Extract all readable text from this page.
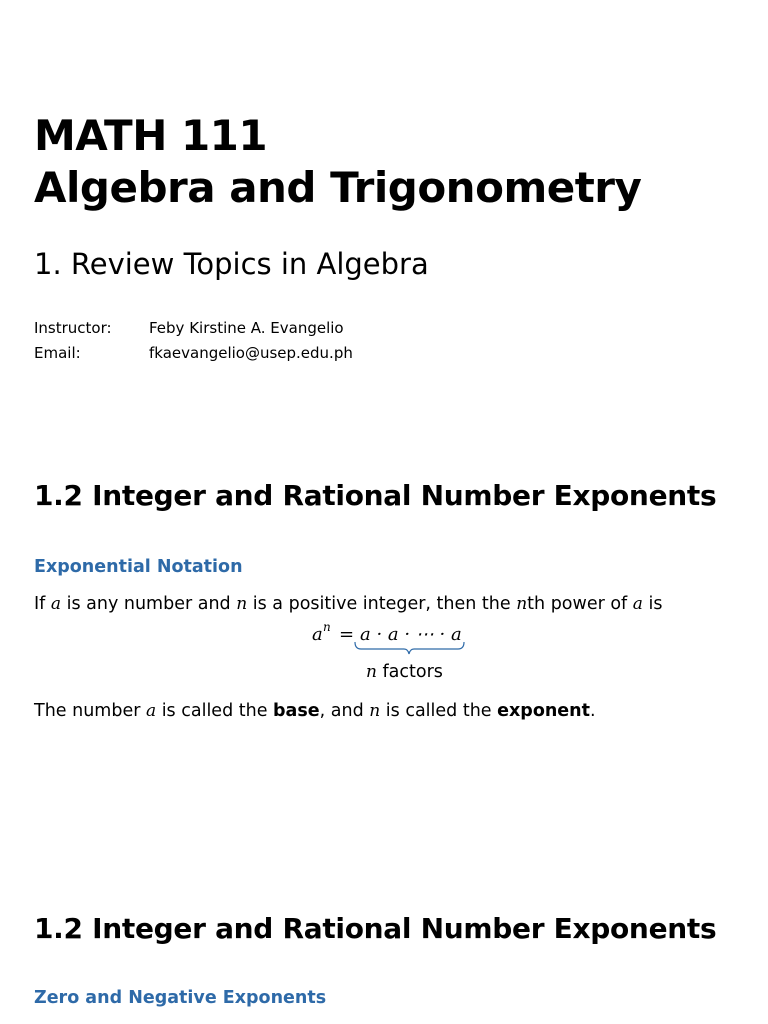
MATH 111
Algebra and Trigonometry
1. Review Topics in Algebra
Instructor: Feby Kirstine A. Evangelio
Email:	fkaevangelio@usep.edu.ph
1.2 Integer and Rational Number Exponents
Exponential Notation
If a is any number and n is a positive integer, then the nth power of a is
a n = a · a · ⋯ · a
n factors
The number a is called the base, and n is called the exponent.
1.2 Integer and Rational Number Exponents
Zero and Negative Exponents
